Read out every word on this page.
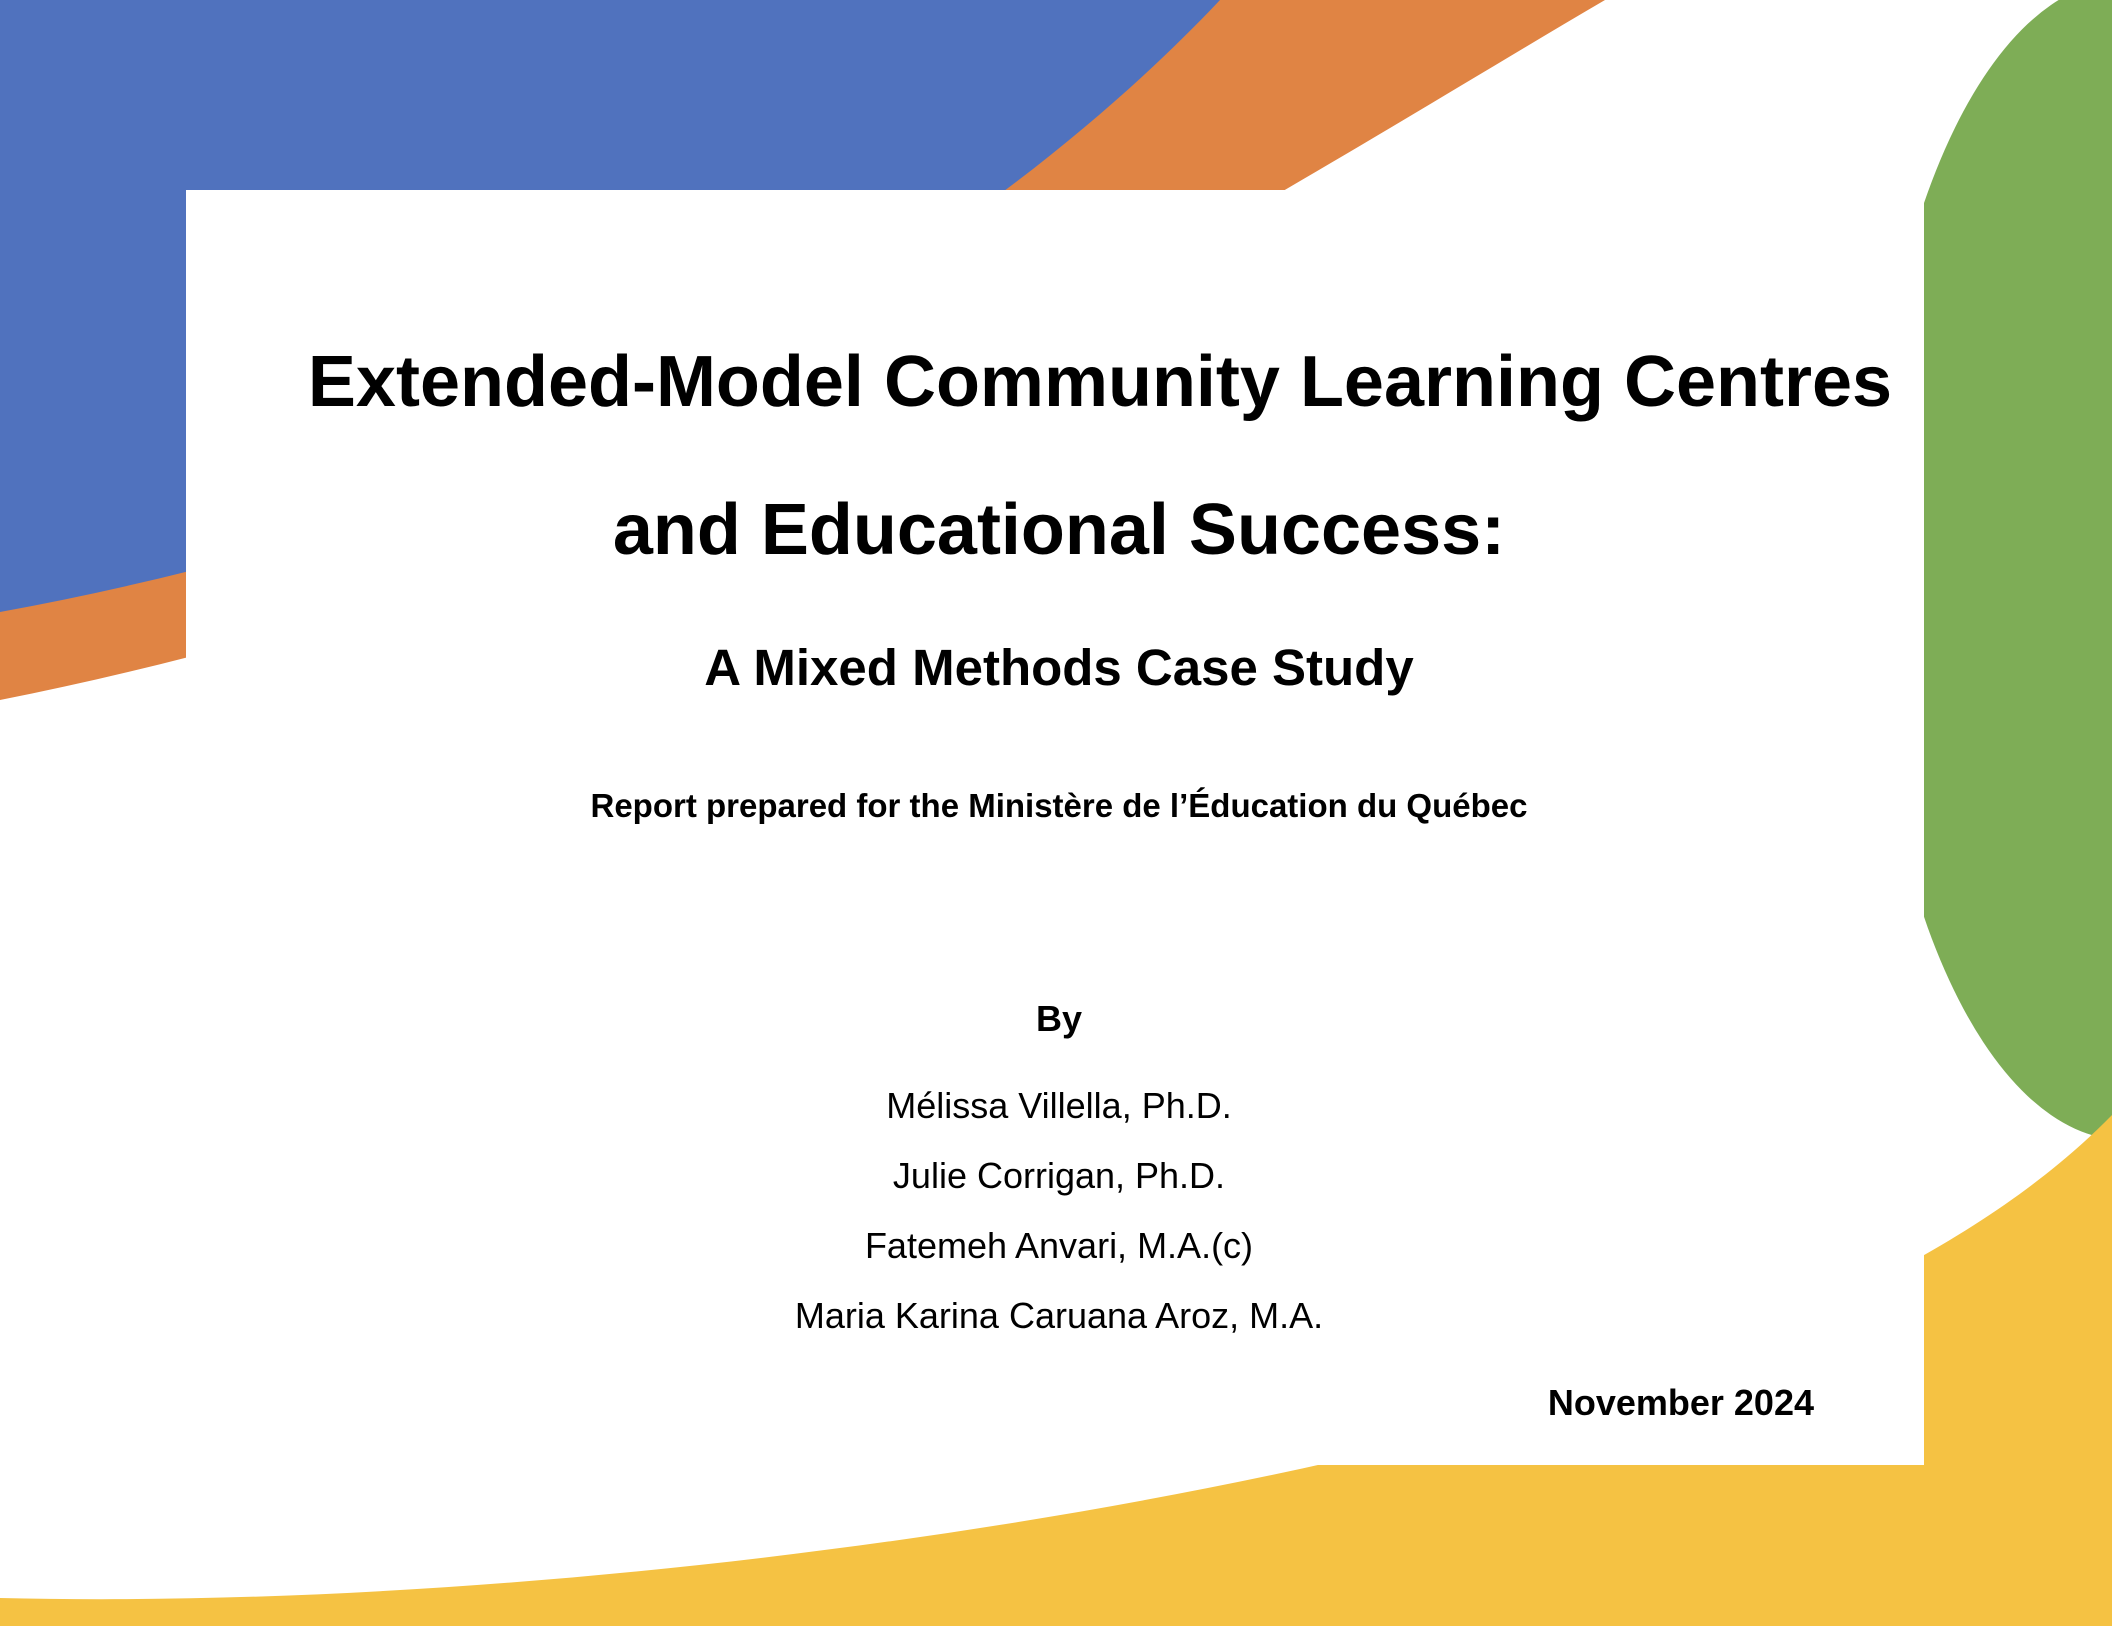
Extended-Model Community Learning Centres
and Educational Success:
A Mixed Methods Case Study
Report prepared for the Ministère de l’Éducation du Québec
By
Mélissa Villella, Ph.D.
Julie Corrigan, Ph.D.
Fatemeh Anvari, M.A.(c)
Maria Karina Caruana Aroz, M.A.
November 2024
